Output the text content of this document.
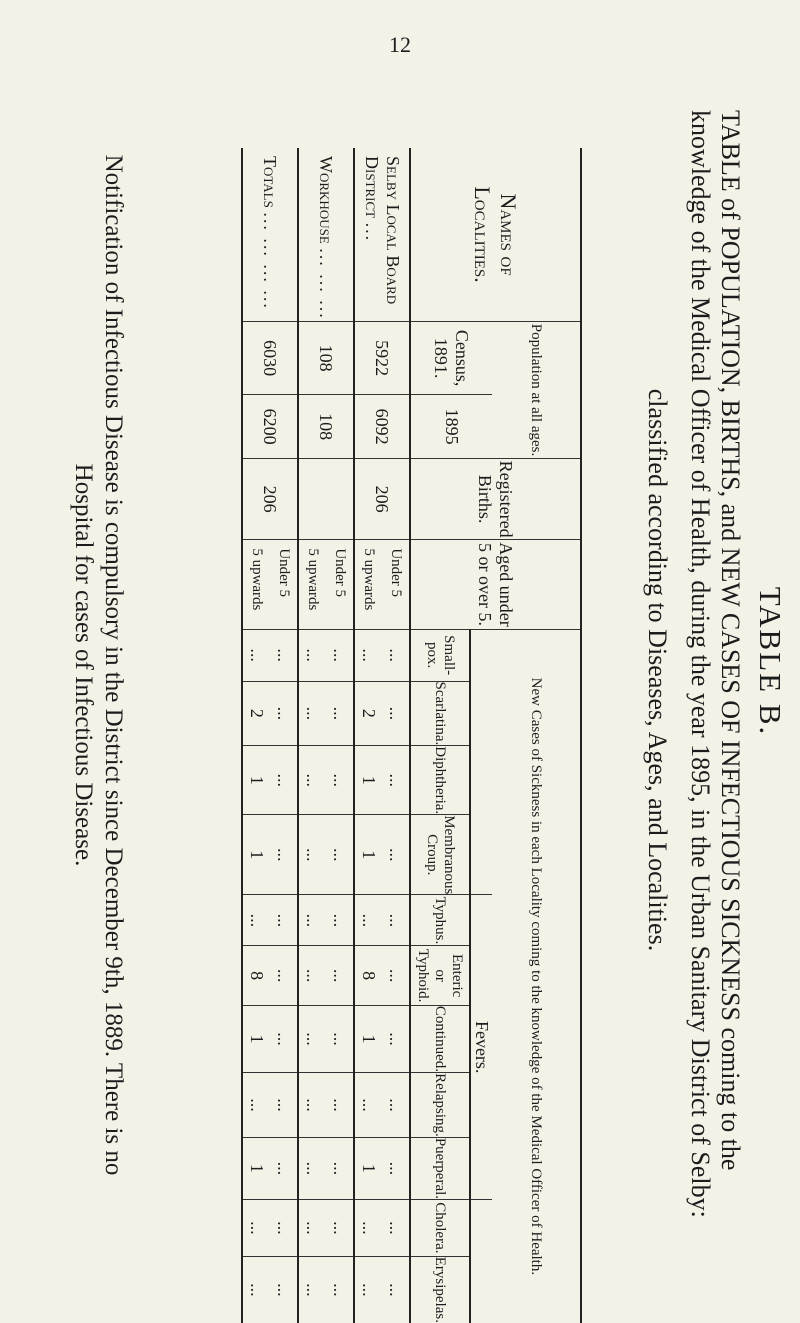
12
TABLE B.
TABLE of POPULATION, BIRTHS, and NEW CASES OF INFECTIOUS SICKNESS coming to the knowledge of the Medical Officer of Health, during the year 1895, in the Urban Sanitary District of Selby:
classified according to Diseases, Ages, and Localities.
Names of Localities.	Population at all ages.		Registered Births.	Aged under 5 or over 5.	New Cases of Sickness in each Locality coming to the knowledge of the Medical Officer of Health.										
	Census, 1891.	1895							Fevers.						
					Small-pox.	Scarlatina.	Diphtheria.	Membranous Croup.	Typhus.	Enteric or Typhoid.	Continued.	Relapsing.	Puerperal.	Cholera.	Erysipelas.
Selby Local Board District ...	5922	6092	206	Under 5	...	...	...	...	...	...	...	...	...	...	...
				5 upwards	...	2	1	1	...	8	1	...	1	...	...
Workhouse ... ... ...	108	108		Under 5	...	...	...	...	...	...	...	...	...	...	...
				5 upwards	...	...	...	...	...	...	...	...	...	...	...
Totals ... ... ... ...	6030	6200	206	Under 5	...	...	...	...	...	...	...	...	...	...	...
				5 upwards	...	2	1	1	...	8	1	...	1	...	...
Notification of Infectious Disease is compulsory in the District since December 9th, 1889. There is no Hospital for cases of Infectious Disease.
